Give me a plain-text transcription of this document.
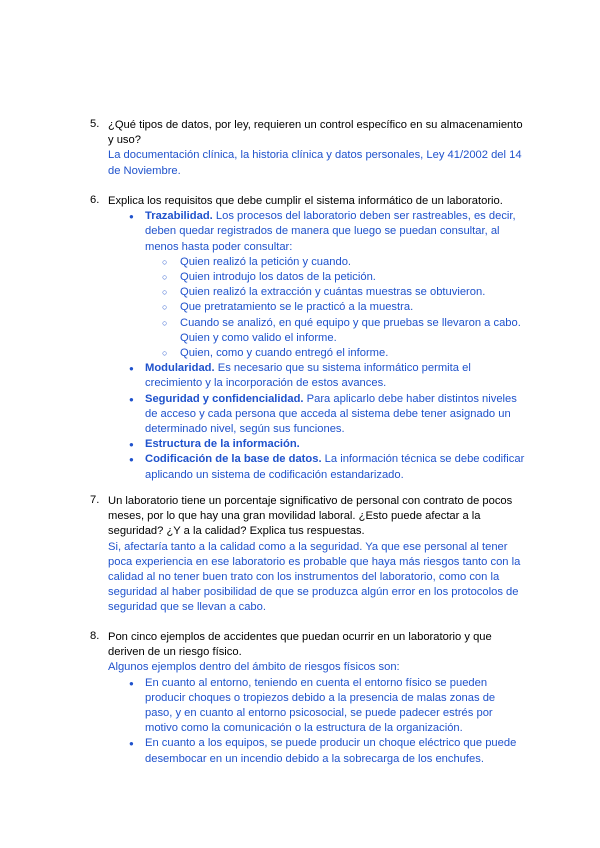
5. ¿Qué tipos de datos, por ley, requieren un control específico en su almacenamiento y uso?
La documentación clínica, la historia clínica y datos personales, Ley 41/2002 del 14 de Noviembre.
6. Explica los requisitos que debe cumplir el sistema informático de un laboratorio.
● Trazabilidad. Los procesos del laboratorio deben ser rastreables, es decir, deben quedar registrados de manera que luego se puedan consultar, al menos hasta poder consultar:
○ Quien realizó la petición y cuando.
○ Quien introdujo los datos de la petición.
○ Quien realizó la extracción y cuántas muestras se obtuvieron.
○ Que pretratamiento se le practicó a la muestra.
○ Cuando se analizó, en qué equipo y que pruebas se llevaron a cabo. Quien y como valido el informe.
○ Quien, como y cuando entregó el informe.
● Modularidad. Es necesario que su sistema informático permita el crecimiento y la incorporación de estos avances.
● Seguridad y confidencialidad. Para aplicarlo debe haber distintos niveles de acceso y cada persona que acceda al sistema debe tener asignado un determinado nivel, según sus funciones.
● Estructura de la información.
● Codificación de la base de datos. La información técnica se debe codificar aplicando un sistema de codificación estandarizado.
7. Un laboratorio tiene un porcentaje significativo de personal con contrato de pocos meses, por lo que hay una gran movilidad laboral. ¿Esto puede afectar a la seguridad? ¿Y a la calidad? Explica tus respuestas.
Si, afectaría tanto a la calidad como a la seguridad. Ya que ese personal al tener poca experiencia en ese laboratorio es probable que haya más riesgos tanto con la calidad al no tener buen trato con los instrumentos del laboratorio, como con la seguridad al haber posibilidad de que se produzca algún error en los protocolos de seguridad que se llevan a cabo.
8. Pon cinco ejemplos de accidentes que puedan ocurrir en un laboratorio y que deriven de un riesgo físico.
Algunos ejemplos dentro del ámbito de riesgos físicos son:
● En cuanto al entorno, teniendo en cuenta el entorno físico se pueden producir choques o tropiezos debido a la presencia de malas zonas de paso, y en cuanto al entorno psicosocial, se puede padecer estrés por motivo como la comunicación o la estructura de la organización.
● En cuanto a los equipos, se puede producir un choque eléctrico que puede desembocar en un incendio debido a la sobrecarga de los enchufes.
